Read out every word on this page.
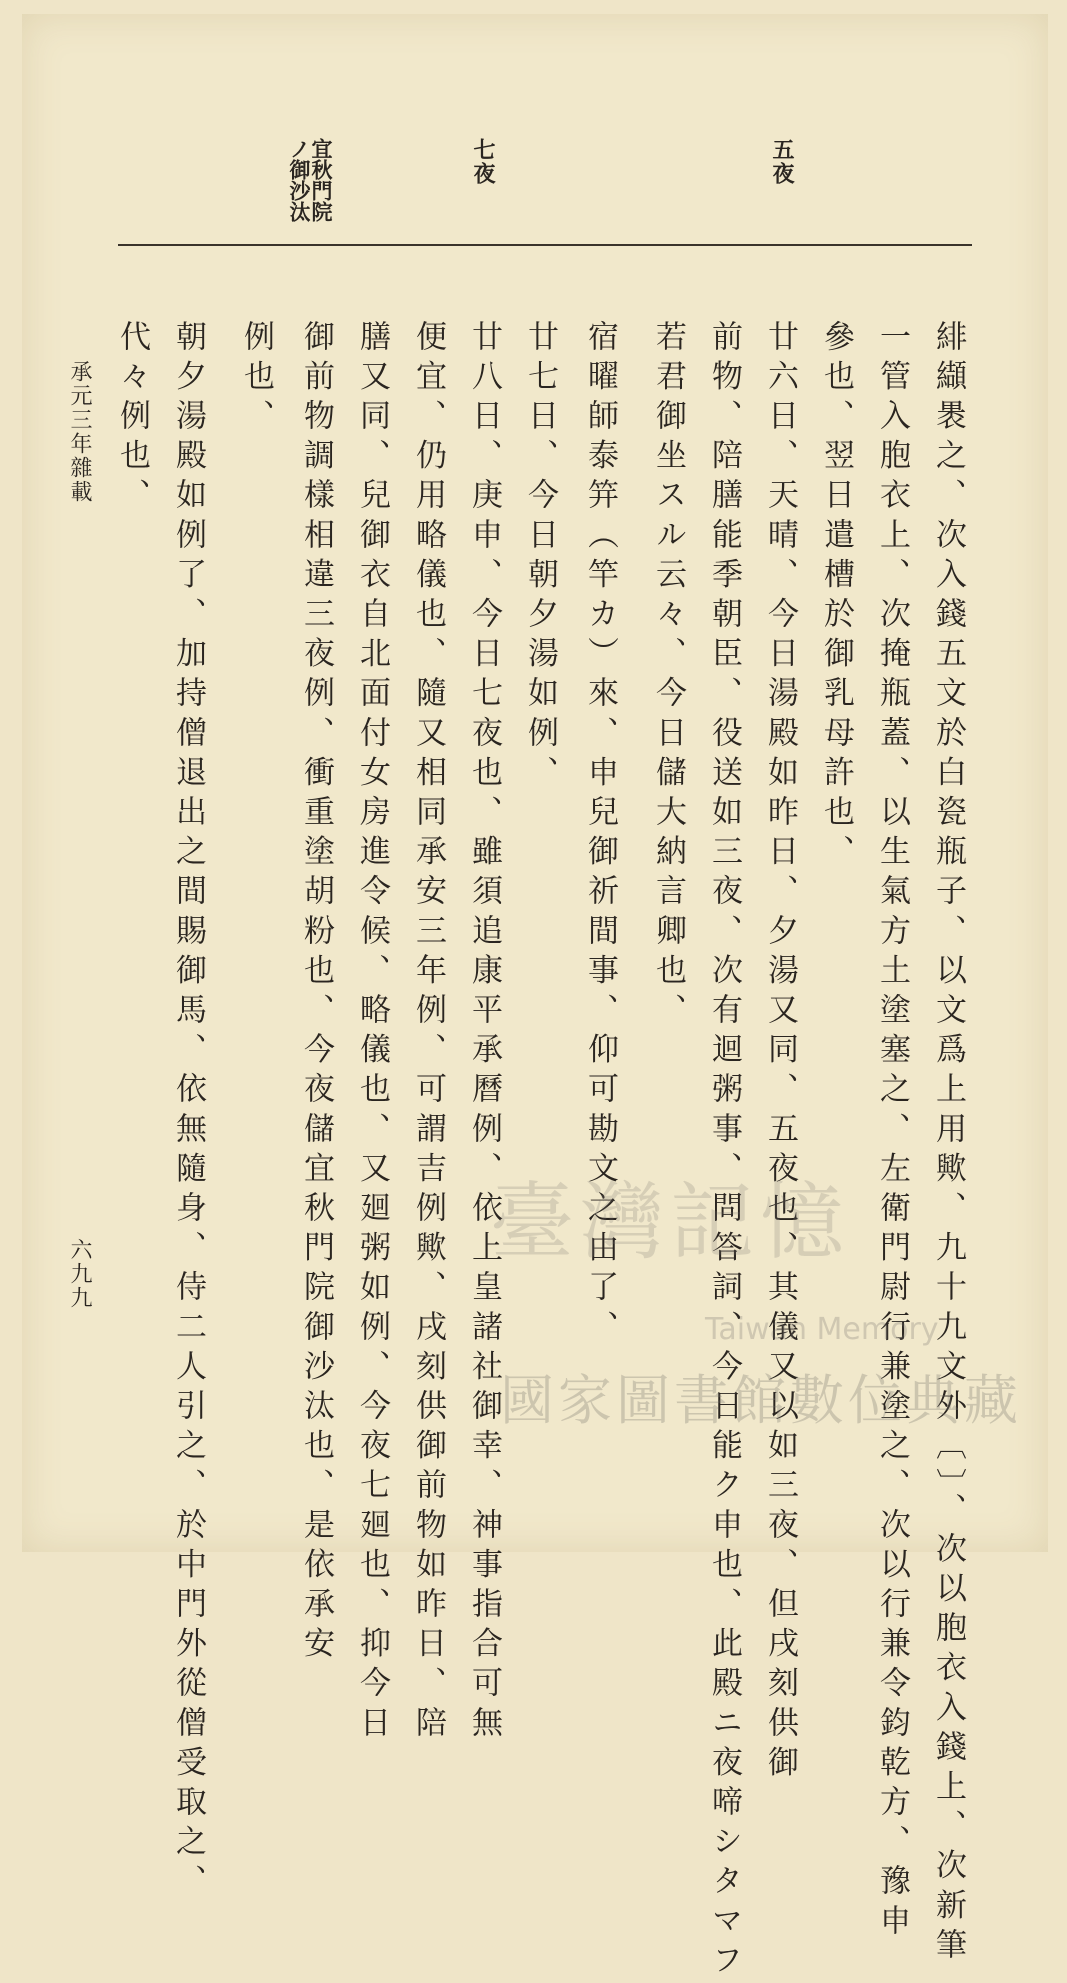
五夜
七夜
宜秋門院
ノ御沙汰
緋纈褁之、次入錢五文於白瓷瓶子、以文爲上用歟、九十九文外〔〕、次以胞衣入錢上、次新筆
一管入胞衣上、次掩瓶蓋、以生氣方土塗塞之、左衛門尉行兼塗之、次以行兼令鈞乾方、豫申
參也、翌日遣槽於御乳母許也、
廿六日、天晴、今日湯殿如昨日、夕湯又同、五夜也、其儀又以如三夜、但戌刻供御
前物、陪膳能季朝臣、役送如三夜、次有迴粥事、問答詞、今日能ク申也、此殿ニ夜啼シタマフ
若君御坐スル云々、今日儲大納言卿也、
宿曜師泰笄（竿カ）來、申兒御祈間事、仰可勘文之由了、
廿七日、今日朝夕湯如例、
廿八日、庚申、今日七夜也、雖須追康平承曆例、依上皇諸社御幸、神事指合可無
便宜、仍用略儀也、隨又相同承安三年例、可謂吉例歟、戌刻供御前物如昨日、陪
膳又同、兒御衣自北面付女房進令候、略儀也、又廻粥如例、今夜七廻也、抑今日
御前物調樣相違三夜例、衝重塗胡粉也、今夜儲宜秋門院御沙汰也、是依承安
例也、
朝夕湯殿如例了、加持僧退出之間賜御馬、依無隨身、侍二人引之、於中門外從僧受取之、
代々例也、
承元三年雜載
六九九
臺灣記憶
Taiwan Memory
國家圖書館數位典藏
